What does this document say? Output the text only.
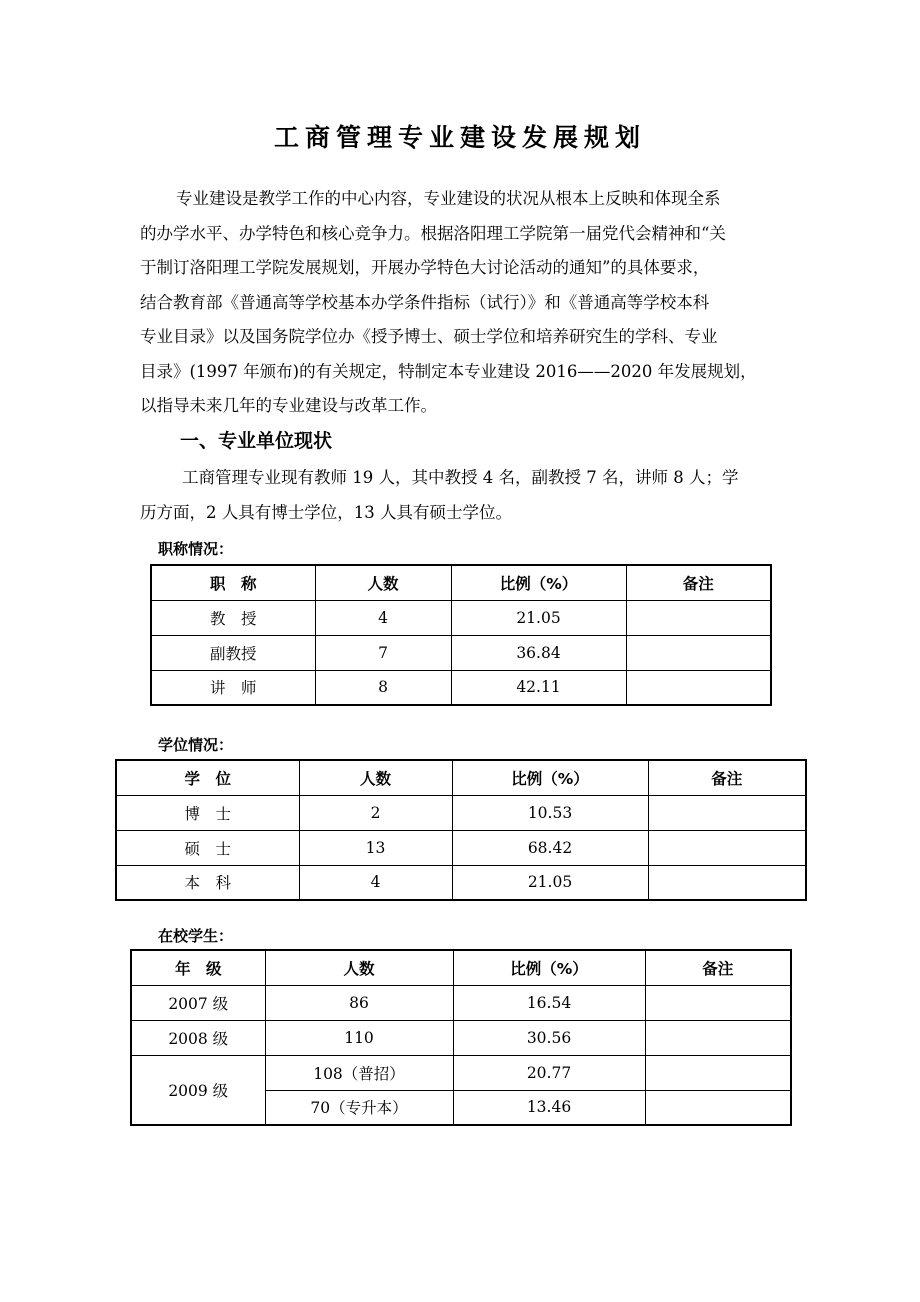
工商管理专业建设发展规划
专业建设是教学工作的中心内容，专业建设的状况从根本上反映和体现全系
的办学水平、办学特色和核心竞争力。根据洛阳理工学院第一届党代会精神和“关
于制订洛阳理工学院发展规划，开展办学特色大讨论活动的通知”的具体要求，
结合教育部《普通高等学校基本办学条件指标（试行）》和《普通高等学校本科
专业目录》以及国务院学位办《授予博士、硕士学位和培养研究生的学科、专业
目录》(1997 年颁布)的有关规定，特制定本专业建设 2016——2020 年发展规划，
以指导未来几年的专业建设与改革工作。
一、专业单位现状
工商管理专业现有教师 19 人，其中教授 4 名，副教授 7 名，讲师 8 人；学
历方面，2 人具有博士学位，13 人具有硕士学位。
职称情况：
职　称	人数	比例（%）	备注
教　授	4	21.05	
副教授	7	36.84	
讲　师	8	42.11	
学位情况：
学　位	人数	比例（%）	备注
博　士	2	10.53	
硕　士	13	68.42	
本　科	4	21.05	
在校学生：
年　级	人数	比例（%）	备注
2007 级	86	16.54	
2008 级	110	30.56	
2009 级	108（普招）	20.77	
	70（专升本）	13.46	
